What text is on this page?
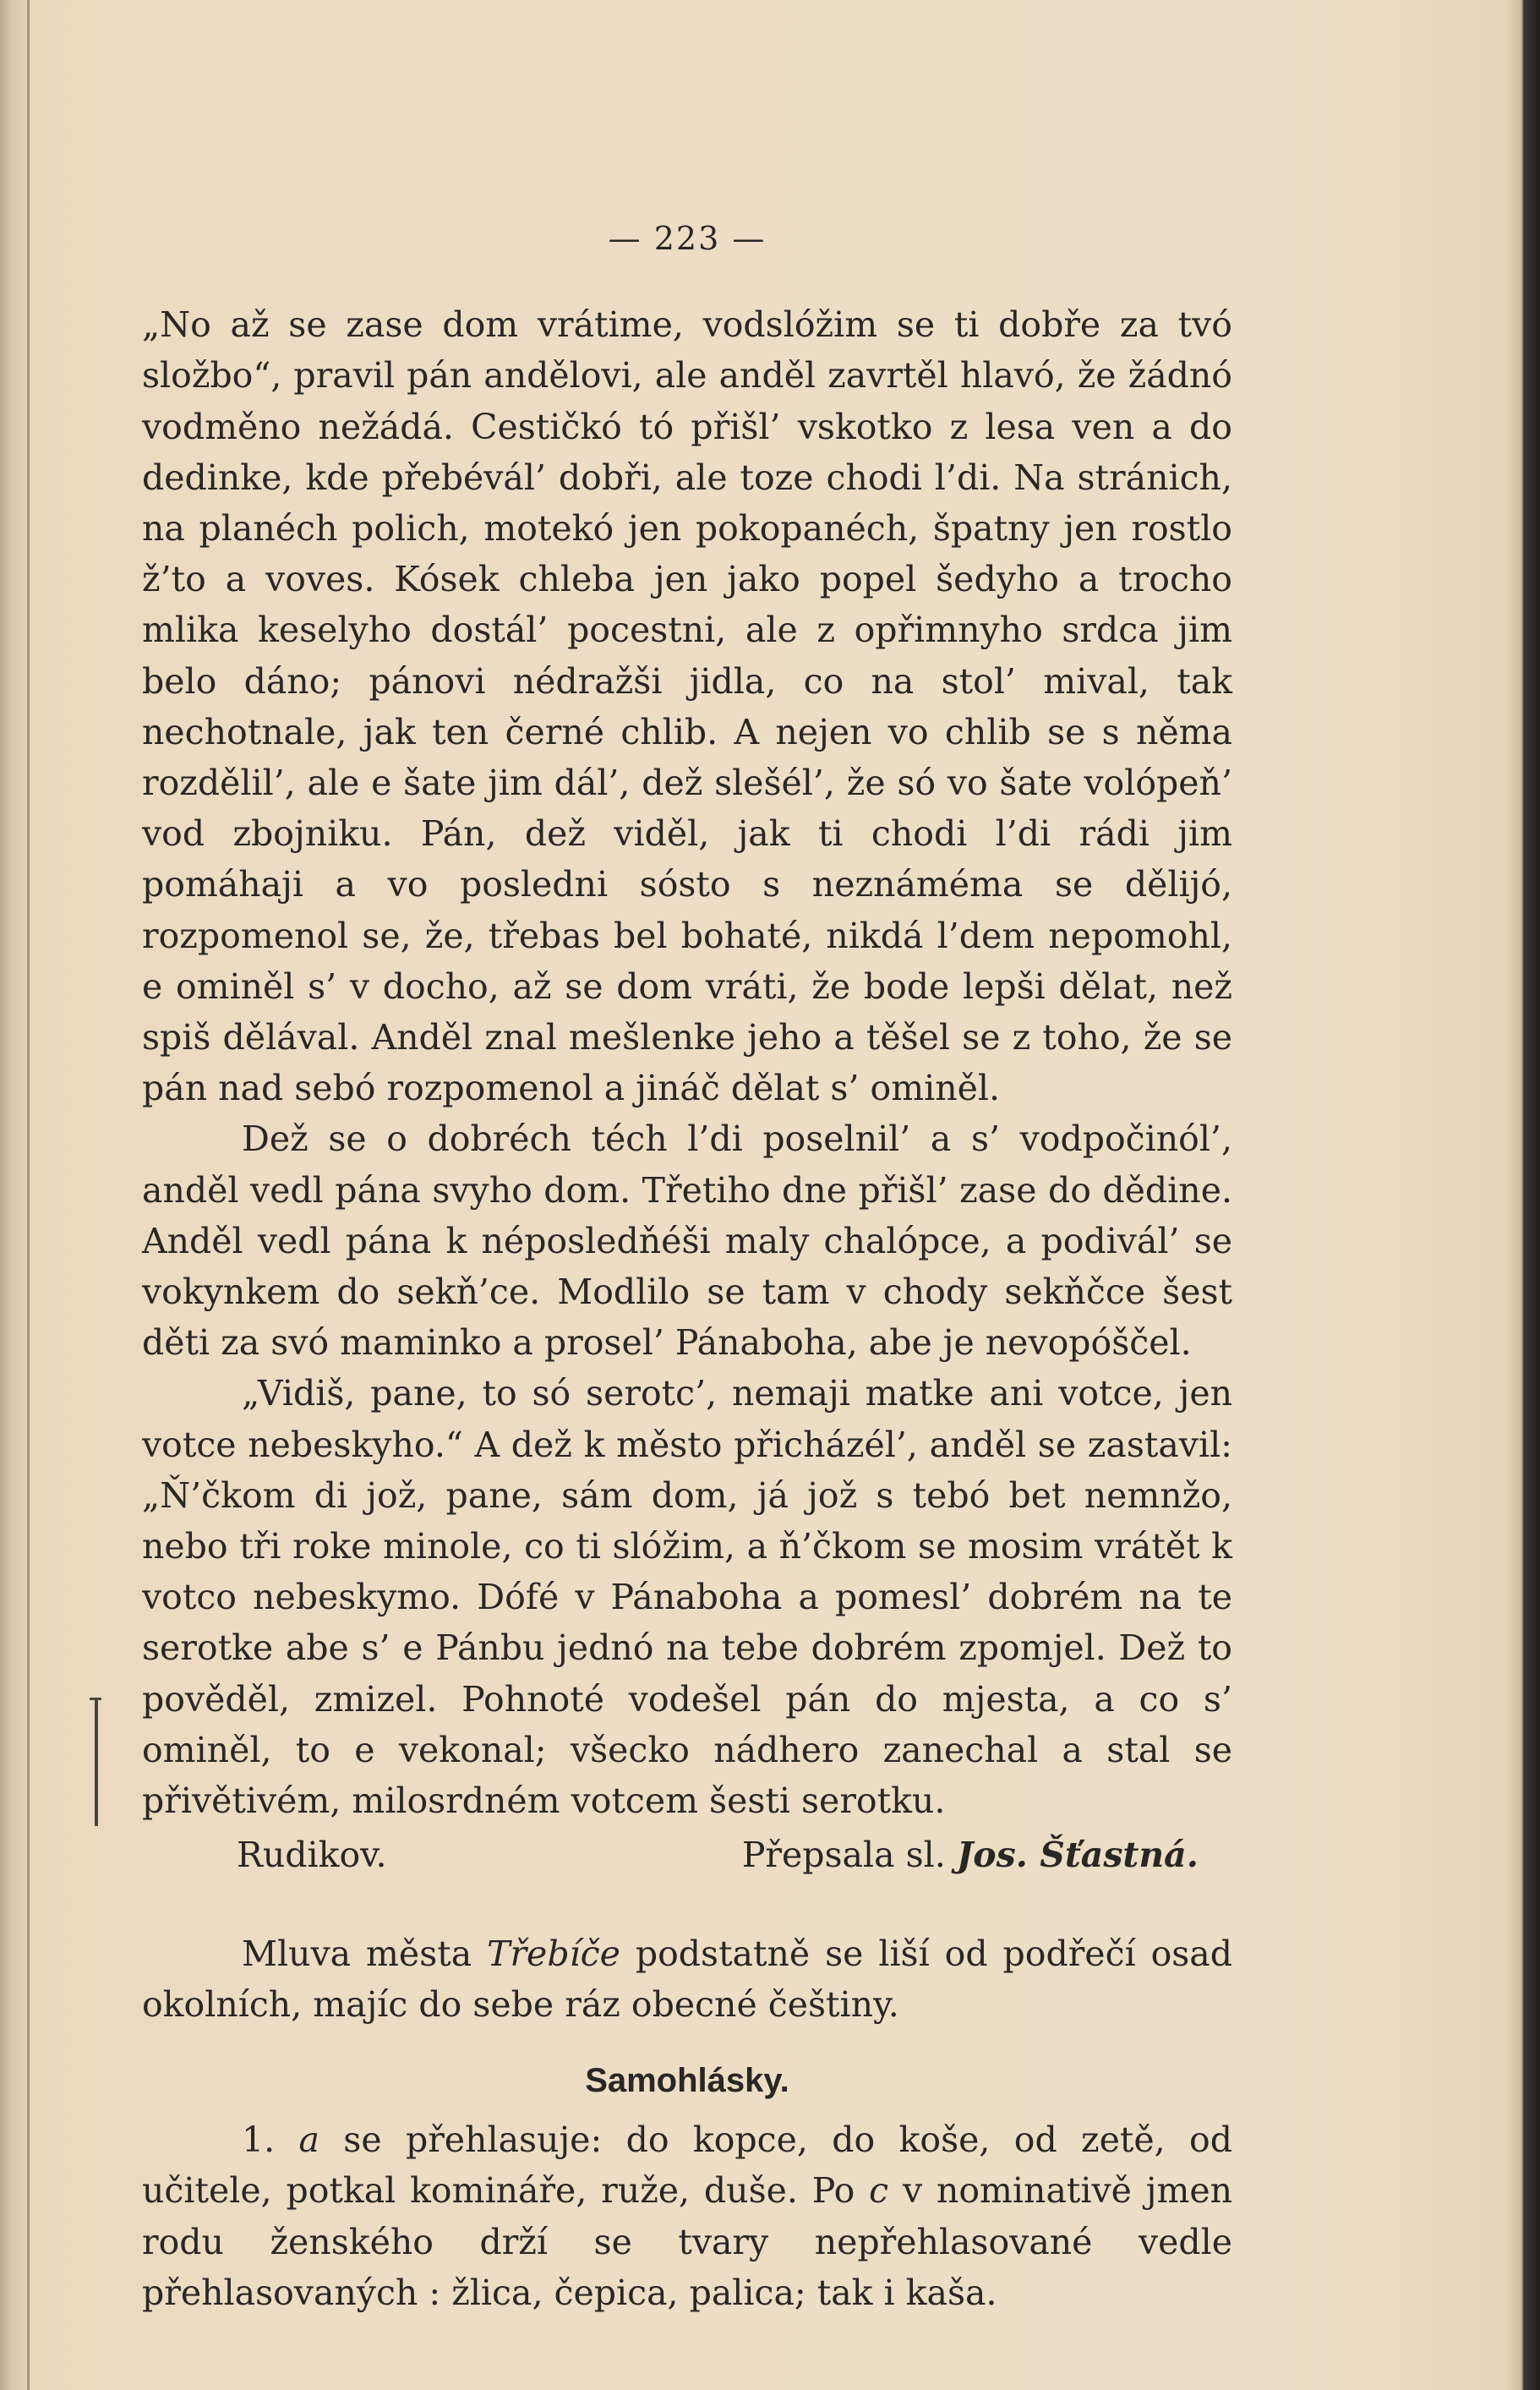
— 223 —

„No až se zase dom vrátime, vodslóžim se ti dobře za tvó složbo“, pravil pán andělovi, ale anděl zavrtěl hlavó, že žádnó vodměno nežádá. Cestičkó tó přišl’ vskotko z lesa ven a do dedinke, kde přebévál’ dobři, ale toze chodi l’di. Na stránich, na planéch polich, motekó jen pokopanéch, špatny jen rostlo ž’to a voves. Kósek chleba jen jako popel šedyho a trocho mlika keselyho dostál’ pocestni, ale z opřimnyho srdca jim belo dáno; pánovi nédražši jidla, co na stol’ mival, tak nechotnale, jak ten černé chlib. A nejen vo chlib se s něma rozdělil’, ale e šate jim dál’, dež slešél’, že só vo šate volópeň’ vod zbojniku. Pán, dež viděl, jak ti chodi l’di rádi jim pomáhaji a vo posledni sósto s neznáméma se dělijó, rozpomenol se, že, třebas bel bohaté, nikdá l’dem nepomohl, e ominěl s’ v docho, až se dom vráti, že bode lepši dělat, než spiš dělával. Anděl znal mešlenke jeho a těšel se z toho, že se pán nad sebó rozpomenol a jináč dělat s’ ominěl.

Dež se o dobréch téch l’di poselnil’ a s’ vodpočinól’, anděl vedl pána svyho dom. Třetiho dne přišl’ zase do dědine. Anděl vedl pána k néposledňéši maly chalópce, a podivál’ se vokynkem do sekň’ce. Modlilo se tam v chody sekňčce šest děti za svó maminko a prosel’ Pánaboha, abe je nevopóščel.

„Vidiš, pane, to só serotc’, nemaji matke ani votce, jen votce nebeskyho.“ A dež k město přicházél’, anděl se zastavil: „Ň’čkom di jož, pane, sám dom, já jož s tebó bet nemnžo, nebo tři roke minole, co ti slóžim, a ň’čkom se mosim vrátět k votco nebeskymo. Dófé v Pánaboha a pomesl’ dobrém na te serotke abe s’ e Pánbu jednó na tebe dobrém zpomjel. Dež to pověděl, zmizel. Pohnoté vodešel pán do mjesta, a co s’ ominěl, to e vekonal; všecko nádhero zanechal a stal se přivětivém, milosrdném votcem šesti serotku.

Rudikov.	Přepsala sl. Jos. Šťastná.

Mluva města Třebíče podstatně se liší od podřečí osad okolních, majíc do sebe ráz obecné češtiny.

Samohlásky.

1. a se přehlasuje: do kopce, do koše, od zetě, od učitele, potkal komináře, ruže, duše. Po c v nominativě jmen rodu ženského drží se tvary nepřehlasované vedle přehlasovaných : žlica, čepica, palica; tak i kaša.
